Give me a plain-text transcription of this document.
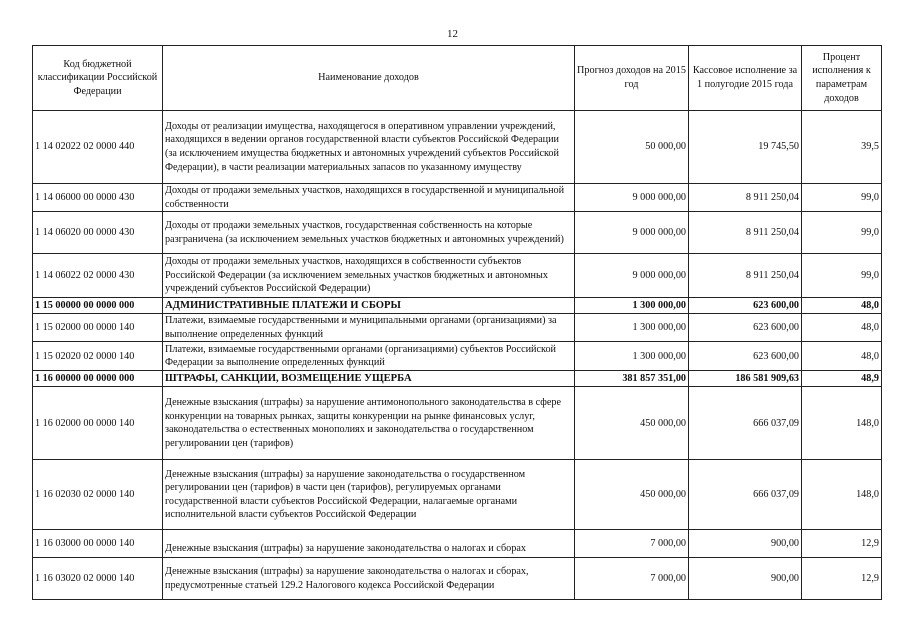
12
Код бюджетной классификации Российской Федерации	Наименование доходов	Прогноз доходов на 2015 год	Кассовое исполнение за 1 полугодие 2015 года	Процент исполнения к параметрам доходов
1 14 02022 02 0000 440	Доходы от реализации имущества, находящегося в оперативном управлении учреждений, находящихся в ведении органов государственной власти субъектов Российской Федерации (за исключением имущества бюджетных и автономных учреждений субъектов Российской Федерации), в части реализации материальных запасов по указанному имуществу	50 000,00	19 745,50	39,5
1 14 06000 00 0000 430	Доходы от продажи земельных участков, находящихся в государственной и муниципальной собственности	9 000 000,00	8 911 250,04	99,0
1 14 06020 00 0000 430	Доходы от продажи земельных участков, государственная собственность на которые разграничена (за исключением земельных участков бюджетных и автономных учреждений)	9 000 000,00	8 911 250,04	99,0
1 14 06022 02 0000 430	Доходы от продажи земельных участков, находящихся в собственности субъектов Российской Федерации (за исключением земельных участков бюджетных и автономных учреждений субъектов Российской Федерации)	9 000 000,00	8 911 250,04	99,0
1 15 00000 00 0000 000	АДМИНИСТРАТИВНЫЕ ПЛАТЕЖИ И СБОРЫ	1 300 000,00	623 600,00	48,0
1 15 02000 00 0000 140	Платежи, взимаемые государственными и муниципальными органами (организациями) за выполнение определенных функций	1 300 000,00	623 600,00	48,0
1 15 02020 02 0000 140	Платежи, взимаемые государственными органами (организациями) субъектов Российской Федерации за выполнение определенных функций	1 300 000,00	623 600,00	48,0
1 16 00000 00 0000 000	ШТРАФЫ, САНКЦИИ, ВОЗМЕЩЕНИЕ УЩЕРБА	381 857 351,00	186 581 909,63	48,9
1 16 02000 00 0000 140	Денежные взыскания (штрафы) за нарушение антимонопольного законодательства в сфере конкуренции на товарных рынках, защиты конкуренции на рынке финансовых услуг, законодательства о естественных монополиях и законодательства о государственном регулировании цен (тарифов)	450 000,00	666 037,09	148,0
1 16 02030 02 0000 140	Денежные взыскания (штрафы) за нарушение законодательства о государственном регулировании цен (тарифов) в части цен (тарифов), регулируемых органами государственной власти субъектов Российской Федерации, налагаемые органами исполнительной власти субъектов Российской Федерации	450 000,00	666 037,09	148,0
1 16 03000 00 0000 140	Денежные взыскания (штрафы) за нарушение законодательства о налогах и сборах	7 000,00	900,00	12,9
1 16 03020 02 0000 140	Денежные взыскания (штрафы) за нарушение законодательства о налогах и сборах, предусмотренные статьей 129.2 Налогового кодекса Российской Федерации	7 000,00	900,00	12,9
